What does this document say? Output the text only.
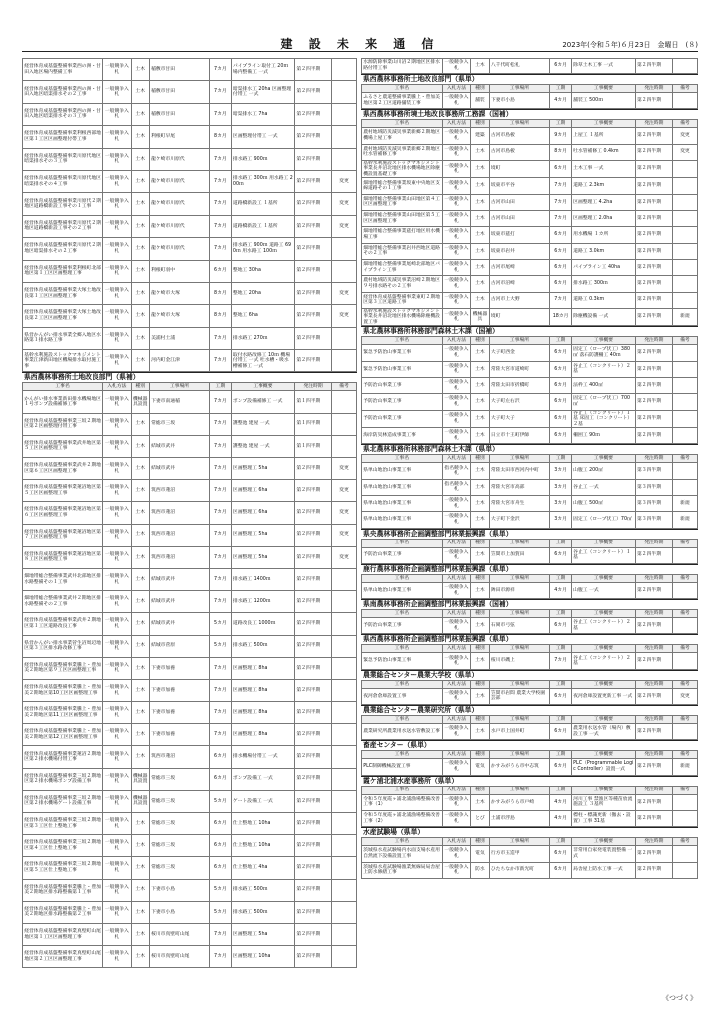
建 設 未 来 通 信	2023年(令和５年)６月23日　金曜日　(８)
経営体育成基盤整備事業西の洲・甘田入地区場内整備工事	一般競争入札	土木	稲敷市甘田	7カ月	パイプライン取付工 20ｍ 場内整備工 一式	第２四半期	
経営体育成基盤整備事業西の洲・甘田入地区暗渠排水その２工事	一般競争入札	土木	稲敷市甘田	7カ月	暗渠排水工 20ha 区画整理付帯工 一式	第２四半期	
経営体育成基盤整備事業西の洲・甘田入地区暗渠排水その３工事	一般競争入札	土木	稲敷市甘田	7カ月	暗渠排水工 7ha	第２四半期	
経営体育成基盤整備事業利根西部地区第１工区区画整理付帯工事	一般競争入札	土木	利根町早尾	8カ月	区画整理付帯工 一式	第２四半期	
経営体育成基盤整備事業川原代地区暗渠排水その３工事	一般競争入札	土木	龍ケ崎市川原代	7カ月	排水路工 900ｍ	第２四半期	
経営体育成基盤整備事業川原代地区暗渠排水その４工事	一般競争入札	土木	龍ケ崎市川原代	7カ月	排水路工 300ｍ 用水路工 200ｍ	第２四半期	変更
経営体育成基盤整備事業川原代２期地区道路橋新設工事その１工事	一般競争入札	土木	龍ケ崎市川原代	7カ月	道路橋新設工 １基所	第２四半期	変更
経営体育成基盤整備事業川原代２期地区道路橋新設工事その２工事	一般競争入札	土木	龍ケ崎市川原代	7カ月	道路橋新設工 １基所	第２四半期	変更
経営体育成基盤整備事業川原代２期地区暗渠排水その２工事	一般競争入札	土木	龍ケ崎市川原代	7カ月	排水路工 900ｍ 道路工 690ｍ 用水路工 100ｍ	第２四半期	
経営体育成基盤整備事業利根町北部地区第１工区区画整理工事	一般競争入札	土木	利根町羽中	6カ月	整地工 30ha	第２四半期	
経営体育成基盤整備事業大塚土地改良第１工区区画整理工事	一般競争入札	土木	龍ケ崎市大塚	8カ月	整地工 20ha	第２四半期	変更
経営体育成基盤整備事業大塚土地改良第２工区区画整理工事	一般競争入札	土木	龍ケ崎市大塚	8カ月	整地工 6ha	第２四半期	変更
県営かんがい排水事業全郷入地区水路第１排水路工事	一般競争入札	土木	美浦村土浦	7カ月	排水路工 270ｍ	第２四半期	
基幹水利施設ストックマネジメント事業江津新田地区機場排水取付施工事	一般競争入札	土木	河内町金江津	7カ月	取付水路改修工 10ｍ 機場付帯工 一式 吐水槽・吸水槽補修工 一式	第２四半期	
県西農林事務所土地改良部門（県補）
工事名	入札方法	種別	工事場所	工期	工事概要	発注時期	備考
かんがい排水事業新田排水機場地区１号ポンプ設備補修工事	一般競争入札	機械器具設置	下妻市南通稲	7カ月	ポンプ設備補修工 一式	第１四半期	
経営体育成基盤整備事業三坂２期地区第２区画整理付帯工事	一般競争入札	土木	常総市三坂	7カ月	護整池 建屋 一式	第１四半期	
経営体育成基盤整備事業武井地区第５工区区画整理工事	一般競争入札	土木	結城市武井	7カ月	護整池 建屋 一式	第１四半期	
経営体育成基盤整備事業武井２期地区第６工区区画整理工事	一般競争入札	土木	結城市武井	7カ月	区画整理工 5ha	第２四半期	変更
経営体育成基盤整備事業蓮沼地区第５工区区画整理工事	一般競争入札	土木	筑西市蓮沼	7カ月	区画整理工 6ha	第２四半期	変更
経営体育成基盤整備事業蓮沼地区第６工区区画整理工事	一般競争入札	土木	筑西市蓮沼	7カ月	区画整理工 6ha	第２四半期	変更
経営体育成基盤整備事業蓮沼地区第７工区区画整理工事	一般競争入札	土木	筑西市蓮沼	7カ月	区画整理工 5ha	第２四半期	変更
経営体育成基盤整備事業蓮沼地区第８工区区画整理工事	一般競争入札	土木	筑西市蓮沼	7カ月	区画整理工 5ha	第２四半期	変更
畑地帯総合整備事業武井北部地区排水路整備その１工事	一般競争入札	土木	結城市武井	7カ月	排水路工 1400ｍ	第２四半期	
畑地帯総合整備事業武井２期地区排水路整備その２工事	一般競争入札	土木	結城市武井	7カ月	排水路工 1200ｍ	第２四半期	
経営体育成基盤整備事業武井２期地区第１工区道路改良工事	一般競争入札	土木	結城市武井	5カ月	道路改良工 1000ｍ	第２四半期	
県営かんがい排水事業菅生沼周辺地区第３工区排水路改修工事	一般競争入札	土木	結城市菅原	5カ月	排水路工 500ｍ	第２四半期	
経営体育成基盤整備事業騰上・豊加美２期地区第９工区区画整理工事	一般競争入札	土木	下妻市加養	7カ月	区画整理工 8ha	第２四半期	
経営体育成基盤整備事業騰上・豊加美２期地区第10工区区画整理工事	一般競争入札	土木	下妻市加養	7カ月	区画整理工 8ha	第２四半期	
経営体育成基盤整備事業騰上・豊加美２期地区第11工区区画整理工事	一般競争入札	土木	下妻市加養	7カ月	区画整理工 8ha	第２四半期	
経営体育成基盤整備事業騰上・豊加美２期地区第12工区区画整理工事	一般競争入札	土木	下妻市加養	7カ月	区画整理工 8ha	第２四半期	
経営体育成基盤整備事業蓮沼２期地区第２排水機場付帯工事	一般競争入札	土木	筑西市蓮沼	6カ月	排水機場付帯工 一式	第２四半期	
経営体育成基盤整備事業三坂２期地区第２排水機場ポンプ設備工事	一般競争入札	機械器具設置	常総市三坂	6カ月	ポンプ設備工 一式	第２四半期	
経営体育成基盤整備事業三坂２期地区第２排水機場ゲート設備工事	一般競争入札	機械器具設置	常総市三坂	5カ月	ゲート設備工 一式	第２四半期	
経営体育成基盤整備事業三坂２期地区第３工区仕上整地工事	一般競争入札	土木	常総市三坂	6カ月	仕上整地工 10ha	第２四半期	
経営体育成基盤整備事業三坂２期地区第４工区仕上整地工事	一般競争入札	土木	常総市三坂	6カ月	仕上整地工 10ha	第２四半期	
経営体育成基盤整備事業三坂２期地区第５工区仕上整地工事	一般競争入札	土木	常総市三坂	6カ月	仕上整地工 4ha	第２四半期	
経営体育成基盤整備事業騰上・豊加美２期地区排水路整備第１工事	一般競争入札	土木	下妻市小島	5カ月	排水路工 500ｍ	第２四半期	
経営体育成基盤整備事業騰上・豊加美２期地区排水路整備第２工事	一般競争入札	土木	下妻市小島	5カ月	排水路工 500ｍ	第２四半期	
経営体育成基盤整備事業真壁町山尾地区第１工区区画整理工事	一般競争入札	土木	桜川市真壁町山尾	7カ月	区画整理工 5ha	第２四半期	
経営体育成基盤整備事業真壁町山尾地区第２工区区画整理工事	一般競争入札	土木	桜川市真壁町山尾	7カ月	区画整理工 10ha	第２四半期	
水源防除事業山川沼２期地区区排水路付帯工事	一般競争入札	土木	八千代町松礼	6カ月	除草土木工事 一式	第２四半期	
県西農林事務所土地改良部門（県単）
工事名	入札方法	種別	工事場所	工期	工事概要	発注時期	備考
ふるさと農道整備事業騰上・豊加美地区第２工区道路舗装工事	一般競争入札	舗装	下妻市小島	4カ月	舗装工 500ｍ	第２四半期	
県西農林事務所境土地改良事務所工務課（国補）
工事名	入札方法	種別	工事場所	工期	工事概要	発注時期	備考
農村地域防災減災事業新郷２期地区機場上屋工事	一般競争入札	建築	古河市島板	9カ月	上屋工 １基所	第２四半期	変更
農村地域防災減災事業新郷２期地区吐水管補修工事	一般競争入札	土木	古河市島板	8カ月	吐水管補修工 0.4km	第２四半期	変更
基幹水利施設ストックマネジメント事業長井沼北地区排水機場地区除塵機設置基礎工事	一般競争入札	土木	境町	6カ月	土木工事 一式	第２四半期	
畑地帯総合整備事業坂東中央地区支線道路その１工事	一般競争入札	土木	坂東市平谷	7カ月	道路工 2.3km	第２四半期	
畑地帯総合整備事業山田地区第４工区区画整理工事	一般競争入札	土木	古河市山田	7カ月	区画整理工 4.2ha	第２四半期	
畑地帯総合整備事業山田地区第５工区区画整理工事	一般競争入札	土木	古河市山田	7カ月	区画整理工 2.0ha	第２四半期	
畑地帯総合整備事業莚打地区用水機場工事	一般競争入札	土木	坂東市莚打	6カ月	用水機場 １カ所	第２四半期	
畑地帯総合整備事業岩井西地区道路その２工事	一般競争入札	土木	坂東市岩井	6カ月	道路工 3.0km	第２四半期	
畑地帯総合整備事業尾崎北部地区パイプライン工事	一般競争入札	土木	古河市尾崎	6カ月	パイプライン工 40ha	第２四半期	
農村地域防災減災事業沼崎２期地区９号排水路その２工事	一般競争入札	土木	古河市沼崎	6カ月	排水路工 300ｍ	第２四半期	
経営体育成基盤整備事業東町２期地区第３工区道路工事	一般競争入札	土木	古河市上大野	7カ月	道路工 0.3km	第２四半期	
基幹水利施設ストックマネジメント事業長井沼北地区排水機場除塵機設置工事	一般競争入札	機械器具	境町	18カ月	除塵機設備 一式	第２四半期	新規
県北農林事務所林務部門森林土木課（国補）
工事名	入札方法	種別	工事場所	工期	工事概要	発注時期	備考
緊急予防治山事業工事	一般競争入札	土木	大子町西金	6カ月	固定工（ロープ伏工）380㎡ 落石防護柵工 40ｍ	第２四半期	
緊急予防治山事業工事	一般競争入札	土木	常陸大宮市道崎町	6カ月	谷止工（コンクリート）２基	第２四半期	
予防治山事業工事	一般競争入札	土木	常陸太田市折橋町	6カ月	法枠工 400㎡	第２四半期	
予防治山事業工事	一般競争入札	土木	大子町左右沢	6カ月	固定工（ロープ伏工）700㎡	第２四半期	
予防治山事業工事	一般競争入札	土木	大子町大子	6カ月	谷止工（コンクリート）１基 床固工（コンクリート）２基	第２四半期	
海岸防災林造成事業工事	一般競争入札	土木	日立市十王町伊師	6カ月	柵囲工 90ｍ	第２四半期	
県北農林事務所林務部門森林土木課（県単）
工事名	入札方法	種別	工事場所	工期	工事概要	発注時期	備考
県単山地治山事業工事	指名競争入札	土木	常陸太田市西河内中町	3カ月	山腹工 200㎡	第３四半期	
県単山地治山事業工事	指名競争入札	土木	常陸大宮市高部	3カ月	谷止工 一式	第３四半期	
県単山地治山事業工事	一般競争入札	土木	常陸大宮市舟生	3カ月	山腹工 500㎡	第３四半期	新規
県単山地治山事業工事	一般競争入札	土木	大子町下金沢	3カ月	固定工（ロープ伏工）70㎡	第３四半期	新規
県央農林事務所企画調整部門林業振興課（県単）
工事名	入札方法	種別	工事場所	工期	工事概要	発注時期	備考
予防治山事業工事	一般競争入札	土木	笠間市上加賀田	6カ月	谷止工（コンクリート）１基	第２四半期	
鹿行農林事務所企画調整部門林業振興課（県単）
工事名	入札方法	種別	工事場所	工期	工事概要	発注時期	備考
県単山地治山事業工事	一般競争入札	土木	鉾田市源祥	4カ月	山腹工 一式	第２四半期	
県南農林事務所企画調整部門林業振興課（国補）
工事名	入札方法	種別	工事場所	工期	工事概要	発注時期	備考
予防治山事業工事	一般競争入札	土木	石岡市弓弦	6カ月	谷止工（コンクリート）２基	第２四半期	
県西農林事務所企画調整部門林業振興課（県単）
工事名	入札方法	種別	工事場所	工期	工事概要	発注時期	備考
緊急予防治山事業工事	一般競争入札	土木	桜川市磯上	7カ月	谷止工（コンクリート）２基	第２四半期	
農業総合センター農業大学校（県単）
工事名	入札方法	種別	工事場所	工期	工事概要	発注時期	備考
夜河倉倉庫設置工事	一般競争入札	土木	笠間市岩間 農業大学校園芸部	6カ月	夜河倉庫設置更新工事 一式	第２四半期	変更
農業総合センター農業研究所（県単）
工事名	入札方法	種別	工事場所	工期	工事概要	発注時期	備考
農業研究所農業用水送水管敷設工事	一般競争入札	土木	水戸市上国井町	6カ月	農業用水送水管（場内）敷設工事 一式	第２四半期	
畜産センター（県単）
工事名	入札方法	種別	工事場所	工期	工事概要	発注時期	備考
PLC制御機械設置工事	一般競争入札	電気	かすみがうら市中志筑	6カ月	PLC（Programmable Logic Controller）設置一式	第２四半期	新規
霞ケ浦北浦水産事務所（県単）
工事名	入札方法	種別	工事場所	工期	工事概要	発注時期	備考
令和５年度霞ヶ浦北浦漁場整備改善工事（1）	一般競争入札	土木	かすみがうら市戸崎	4カ月	河川工事 禁漁区等種苗放流施設工 ３基所	第２四半期	
令和５年度霞ヶ浦北浦漁場整備改善工事（2）	一般競争入札	とび	土浦市浮島	4カ月	標柱・標識更新（撤去・設置）工事 31基	第２四半期	
水産試験場（県単）
工事名	入札方法	種別	工事場所	工期	工事概要	発注時期	備考
茨城県水産試験場内水面支場水産用自然流下設備設置工事	一般競争入札	電気	行方市玉造甲	6カ月	非常用自家発電装置整備 一式	第２四半期	
茨城県水産試験場漁業無線局局舎屋上防水修繕工事	一般競争入札	防水	ひたちなか市新光町	6カ月	局舎屋上防水工事 一式	第２四半期	
《つづく》
